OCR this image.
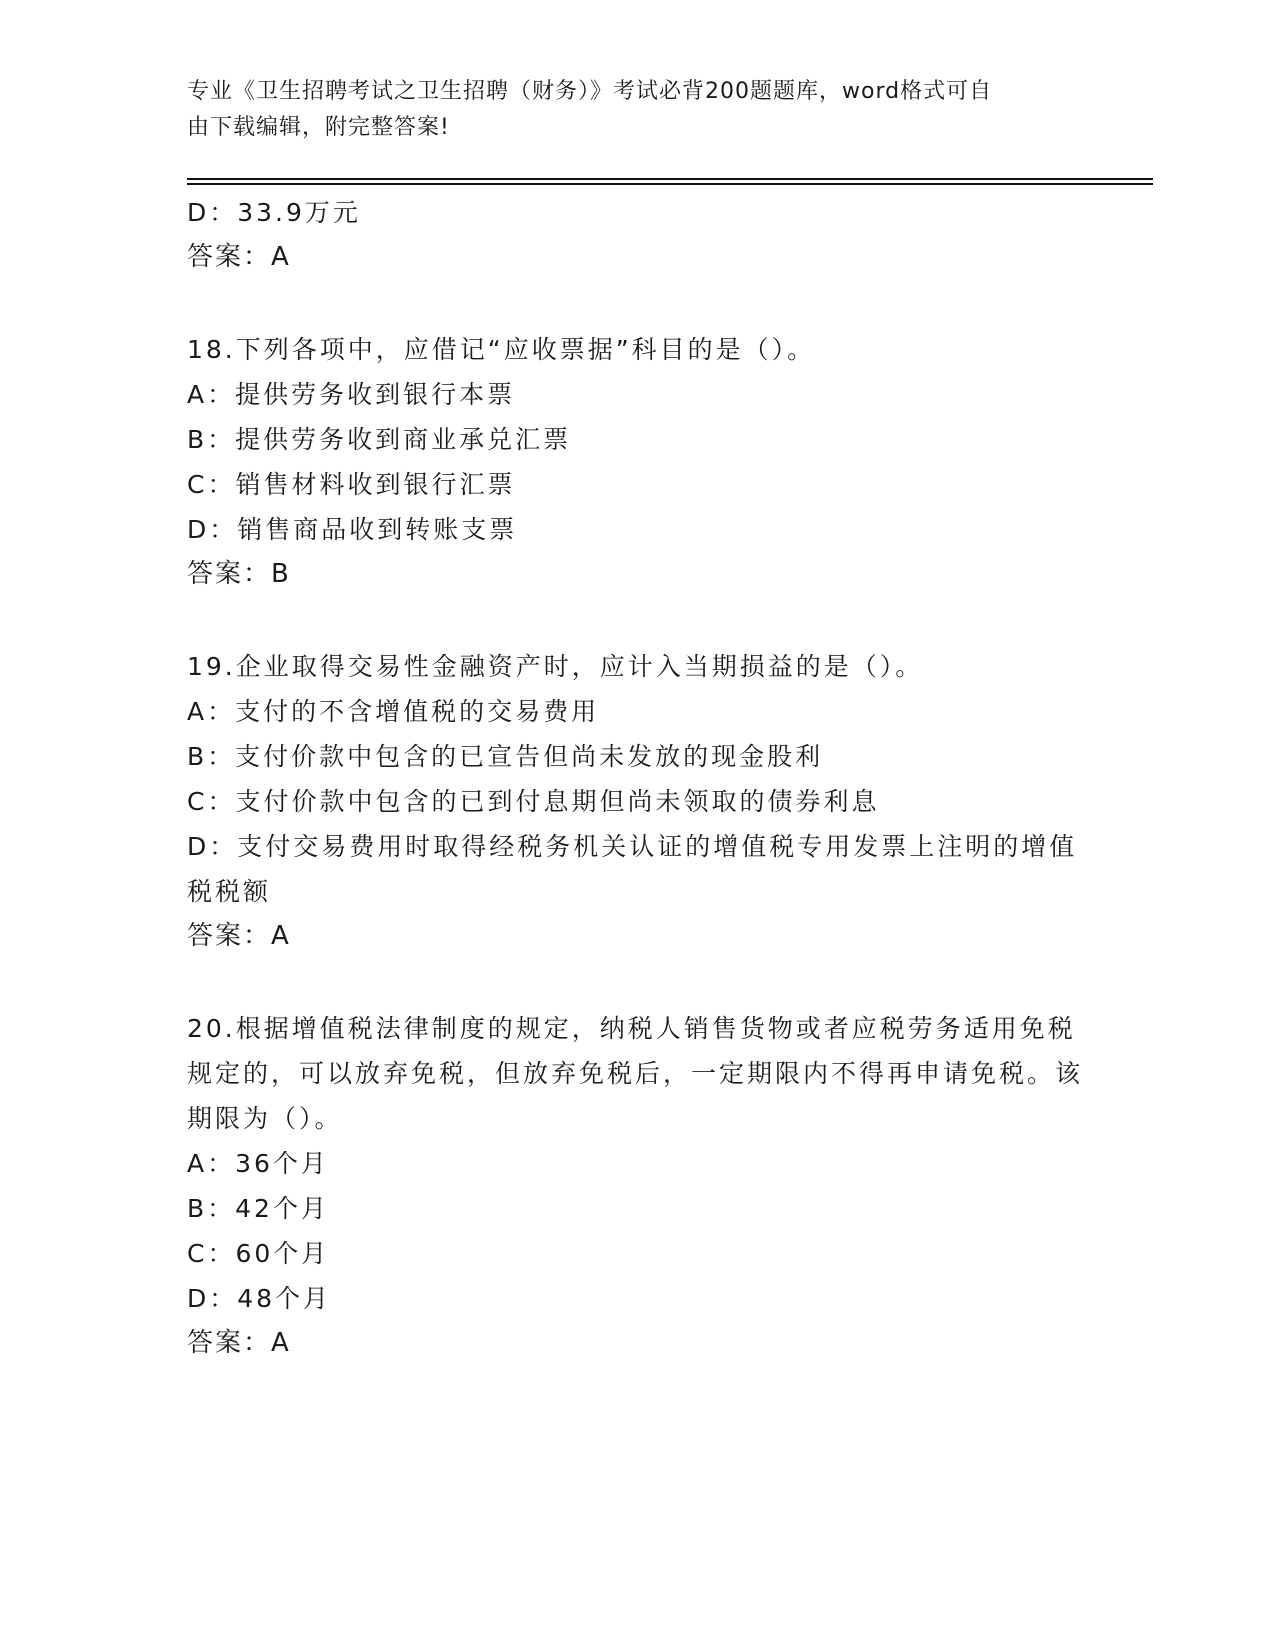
专业《卫生招聘考试之卫生招聘（财务）》考试必背200题题库，word格式可自
由下载编辑，附完整答案!

D：33.9万元
答案：A
18.下列各项中，应借记“应收票据”科目的是（）。
A：提供劳务收到银行本票
B：提供劳务收到商业承兑汇票
C：销售材料收到银行汇票
D：销售商品收到转账支票
答案：B
19.企业取得交易性金融资产时，应计入当期损益的是（）。
A：支付的不含增值税的交易费用
B：支付价款中包含的已宣告但尚未发放的现金股利
C：支付价款中包含的已到付息期但尚未领取的债券利息
D：支付交易费用时取得经税务机关认证的增值税专用发票上注明的增值税税额
答案：A
20.根据增值税法律制度的规定，纳税人销售货物或者应税劳务适用免税规定的，可以放弃免税，但放弃免税后，一定期限内不得再申请免税。该期限为（）。
A：36个月
B：42个月
C：60个月
D：48个月
答案：A
